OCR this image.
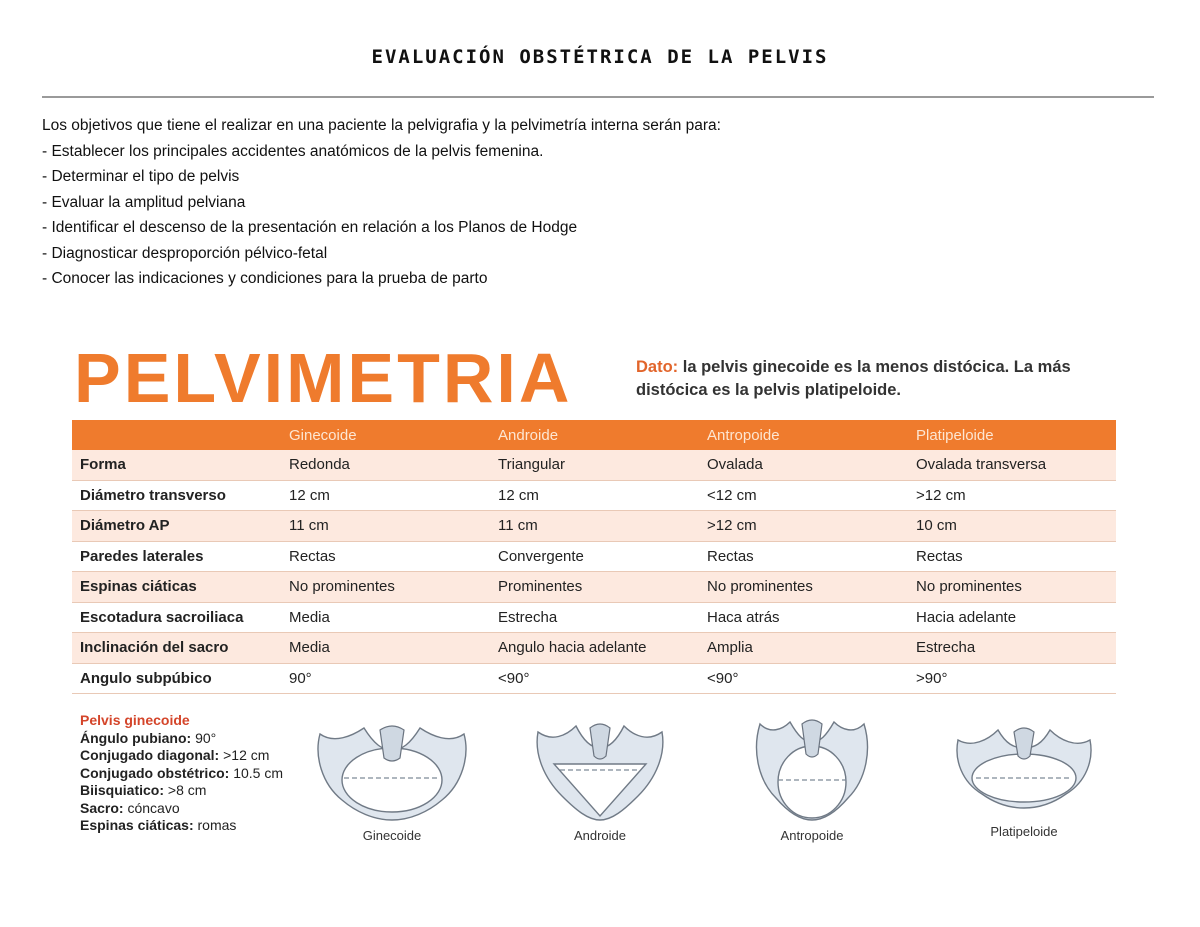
EVALUACIÓN OBSTÉTRICA DE LA PELVIS
Los objetivos que tiene el realizar en una paciente la pelvigrafia y la pelvimetría interna serán para:
- Establecer los principales accidentes anatómicos de la pelvis femenina.
- Determinar el tipo de pelvis
- Evaluar la amplitud pelviana
- Identificar el descenso de la presentación en relación a los Planos de Hodge
- Diagnosticar desproporción pélvico-fetal
- Conocer las indicaciones y condiciones para la prueba de parto
PELVIMETRIA	Dato: la pelvis ginecoide es la menos distócica. La más distócica es la pelvis platipeloide.
	Ginecoide	Androide	Antropoide	Platipeloide
Forma	Redonda	Triangular	Ovalada	Ovalada transversa
Diámetro transverso	12 cm	12 cm	<12 cm	>12 cm
Diámetro AP	11 cm	11 cm	>12 cm	10 cm
Paredes laterales	Rectas	Convergente	Rectas	Rectas
Espinas ciáticas	No prominentes	Prominentes	No prominentes	No prominentes
Escotadura sacroiliaca	Media	Estrecha	Haca atrás	Hacia adelante
Inclinación del sacro	Media	Angulo hacia adelante	Amplia	Estrecha
Angulo subpúbico	90°	<90°	<90°	>90°
Pelvis ginecoide
Ángulo pubiano: 90°
Conjugado diagonal: >12 cm
Conjugado obstétrico: 10.5 cm
Biisquiatico: >8 cm
Sacro: cóncavo
Espinas ciáticas: romas
Ginecoide	Androide	Antropoide	Platipeloide
